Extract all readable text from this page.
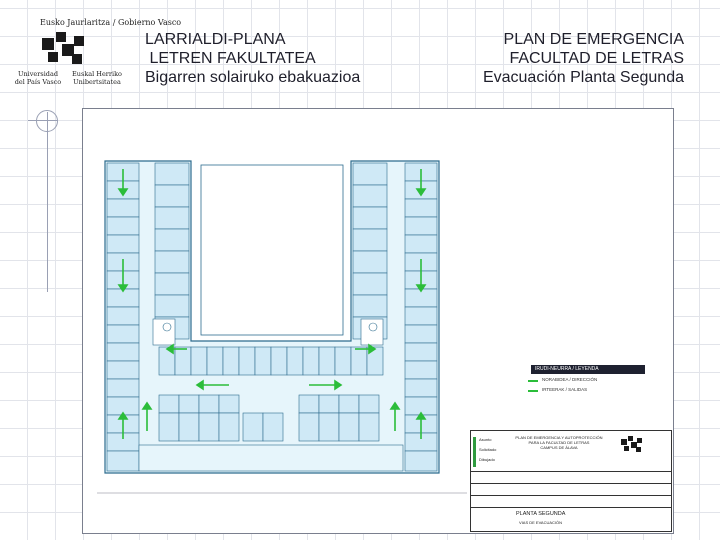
Eusko Jaurlaritza / Gobierno Vasco
Universidad
del País Vasco
Euskal Herriko
Unibertsitatea
LARRIALDI-PLANA
LETREN FAKULTATEA
Bigarren solairuko ebakuazioa
PLAN DE EMERGENCIA
FACULTAD DE LETRAS
Evacuación Planta Segunda
IRUDI-NEURRA / LEYENDA
NORABIDEA / DIRECCIÓN
IRTEERAK / SALIDAS
Asunto
Solicitado
Dibujado
PLAN DE EMERGENCIA Y AUTOPROTECCIÓN
PARA LA FACULTAD DE LETRAS
CAMPUS DE ÁLAVA
PLANTA SEGUNDA
VIAS DE EVACUACIÓN
